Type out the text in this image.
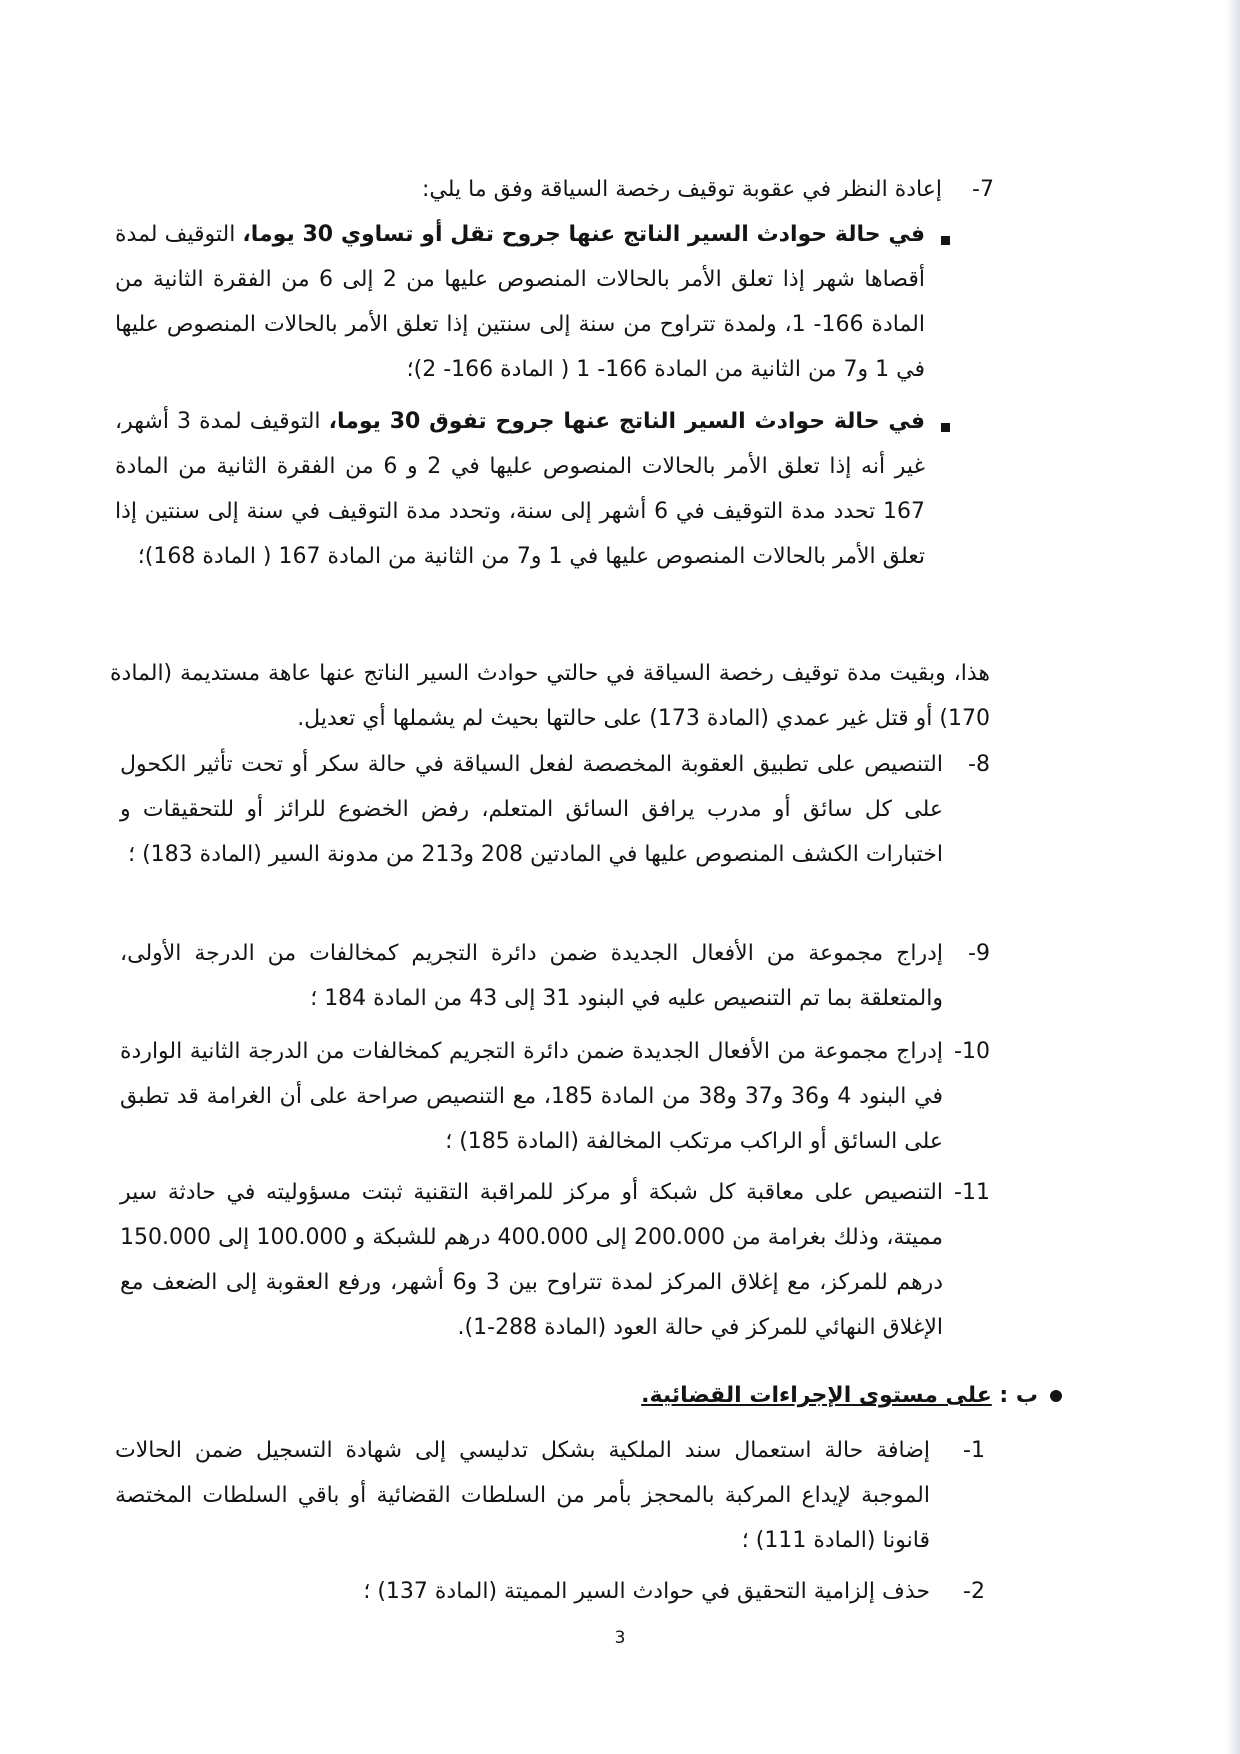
7-
إعادة النظر في عقوبة توقيف رخصة السياقة وفق ما يلي:
في حالة حوادث السير الناتج عنها جروح تقل أو تساوي 30 يوما، التوقيف لمدة أقصاها شهر إذا تعلق الأمر بالحالات المنصوص عليها من 2 إلى 6 من الفقرة الثانية من المادة 166- 1، ولمدة تتراوح من سنة إلى سنتين إذا تعلق الأمر بالحالات المنصوص عليها في 1 و7 من الثانية من المادة 166- 1 ( المادة 166- 2)؛
في حالة حوادث السير الناتج عنها جروح تفوق 30 يوما، التوقيف لمدة 3 أشهر، غير أنه إذا تعلق الأمر بالحالات المنصوص عليها في 2 و 6 من الفقرة الثانية من المادة 167 تحدد مدة التوقيف في 6 أشهر إلى سنة، وتحدد مدة التوقيف في سنة إلى سنتين إذا تعلق الأمر بالحالات المنصوص عليها في 1 و7 من الثانية من المادة 167 ( المادة 168)؛
هذا، وبقيت مدة توقيف رخصة السياقة في حالتي حوادث السير الناتج عنها عاهة مستديمة (المادة 170) أو قتل غير عمدي (المادة 173) على حالتها بحيث لم يشملها أي تعديل.
8-
التنصيص على تطبيق العقوبة المخصصة لفعل السياقة في حالة سكر أو تحت تأثير الكحول على كل سائق أو مدرب يرافق السائق المتعلم، رفض الخضوع للرائز أو للتحقيقات و اختبارات الكشف المنصوص عليها في المادتين 208 و213 من مدونة السير (المادة 183) ؛
9-
إدراج مجموعة من الأفعال الجديدة ضمن دائرة التجريم كمخالفات من الدرجة الأولى، والمتعلقة بما تم التنصيص عليه في البنود 31 إلى 43 من المادة 184 ؛
10-
إدراج مجموعة من الأفعال الجديدة ضمن دائرة التجريم كمخالفات من الدرجة الثانية الواردة في البنود 4 و36 و37 و38 من المادة 185، مع التنصيص صراحة على أن الغرامة قد تطبق على السائق أو الراكب مرتكب المخالفة (المادة 185) ؛
11-
التنصيص على معاقبة كل شبكة أو مركز للمراقبة التقنية ثبتت مسؤوليته في حادثة سير مميتة، وذلك بغرامة من 200.000 إلى 400.000 درهم للشبكة و 100.000 إلى 150.000 درهم للمركز، مع إغلاق المركز لمدة تتراوح بين 3 و6 أشهر، ورفع العقوبة إلى الضعف مع الإغلاق النهائي للمركز في حالة العود (المادة 288-1).
ب : على مستوى الإجراءات القضائية.
1-
إضافة حالة استعمال سند الملكية بشكل تدليسي إلى شهادة التسجيل ضمن الحالات الموجبة لإيداع المركبة بالمحجز بأمر من السلطات القضائية أو باقي السلطات المختصة قانونا (المادة 111) ؛
2-
حذف إلزامية التحقيق في حوادث السير المميتة (المادة 137) ؛
3
